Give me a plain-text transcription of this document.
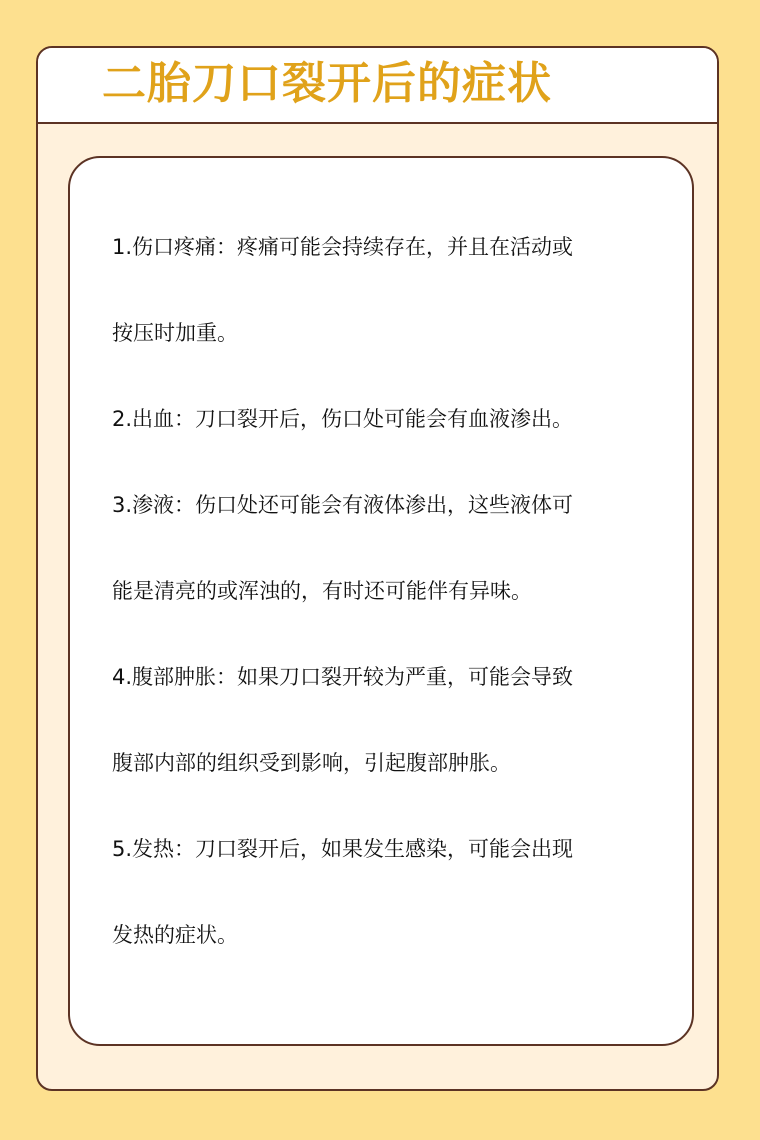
二胎刀口裂开后的症状

1.伤口疼痛：疼痛可能会持续存在，并且在活动或

按压时加重。

2.出血：刀口裂开后，伤口处可能会有血液渗出。

3.渗液：伤口处还可能会有液体渗出，这些液体可

能是清亮的或浑浊的，有时还可能伴有异味。

4.腹部肿胀：如果刀口裂开较为严重，可能会导致

腹部内部的组织受到影响，引起腹部肿胀。

5.发热：刀口裂开后，如果发生感染，可能会出现

发热的症状。
